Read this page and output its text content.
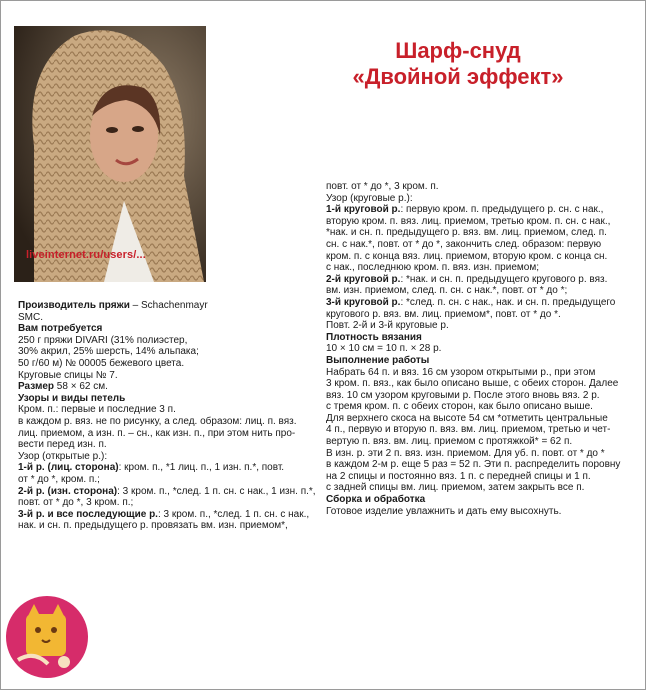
liveinternet.ru/users/...
Шарф-снуд
«Двойной эффект»

Производитель пряжи – Schachenmayr

SMC.

Вам потребуется

250 г пряжи DIVARI (31% полиэстер,

30% акрил, 25% шерсть, 14% альпака;

50 г/60 м) № 00005 бежевого цвета.

Круговые спицы № 7.

Размер 58 × 62 см.

Узоры и виды петель

Кром. п.: первые и последние 3 п.

в каждом р. вяз. не по рисунку, а след. образом: лиц. п. вяз.

лиц. приемом, а изн. п. – сн., как изн. п., при этом нить про-

вести перед изн. п.

Узор (открытые р.):

1-й р. (лиц. сторона): кром. п., *1 лиц. п., 1 изн. п.*, повт.

от * до *, кром. п.;

2-й р. (изн. сторона): 3 кром. п., *след. 1 п. сн. с нак., 1 изн. п.*,

повт. от * до *, 3 кром. п.;

3-й р. и все последующие р.: 3 кром. п., *след. 1 п. сн. с нак.,

нак. и сн. п. предыдущего р. провязать вм. изн. приемом*,

повт. от * до *, 3 кром. п.

Узор (круговые р.):

1-й круговой р.: первую кром. п. предыдущего р. сн. с нак.,

вторую кром. п. вяз. лиц. приемом, третью кром. п. сн. с нак.,

*нак. и сн. п. предыдущего р. вяз. вм. лиц. приемом, след. п.

сн. с нак.*, повт. от * до *, закончить след. образом: первую

кром. п. с конца вяз. лиц. приемом, вторую кром. с конца сн.

с нак., последнюю кром. п. вяз. изн. приемом;

2-й круговой р.: *нак. и сн. п. предыдущего кругового р. вяз.

вм. изн. приемом, след. п. сн. с нак.*, повт. от * до *;

3-й круговой р.: *след. п. сн. с нак., нак. и сн. п. предыдущего

кругового р. вяз. вм. лиц. приемом*, повт. от * до *.

Повт. 2-й и 3-й круговые р.

Плотность вязания

10 × 10 см = 10 п. × 28 р.

Выполнение работы

Набрать 64 п. и вяз. 16 см узором открытыми р., при этом

3 кром. п. вяз., как было описано выше, с обеих сторон. Далее

вяз. 10 см узором круговыми р. После этого вновь вяз. 2 р.

с тремя кром. п. с обеих сторон, как было описано выше.

Для верхнего скоса на высоте 54 см *отметить центральные

4 п., первую и вторую п. вяз. вм. лиц. приемом, третью и чет-

вертую п. вяз. вм. лиц. приемом с протяжкой* = 62 п.

В изн. р. эти 2 п. вяз. изн. приемом. Для уб. п. повт. от * до *

в каждом 2-м р. еще 5 раз = 52 п. Эти п. распределить поровну

на 2 спицы и постоянно вяз. 1 п. с передней спицы и 1 п.

с задней спицы вм. лиц. приемом, затем закрыть все п.

Сборка и обработка

Готовое изделие увлажнить и дать ему высохнуть.
